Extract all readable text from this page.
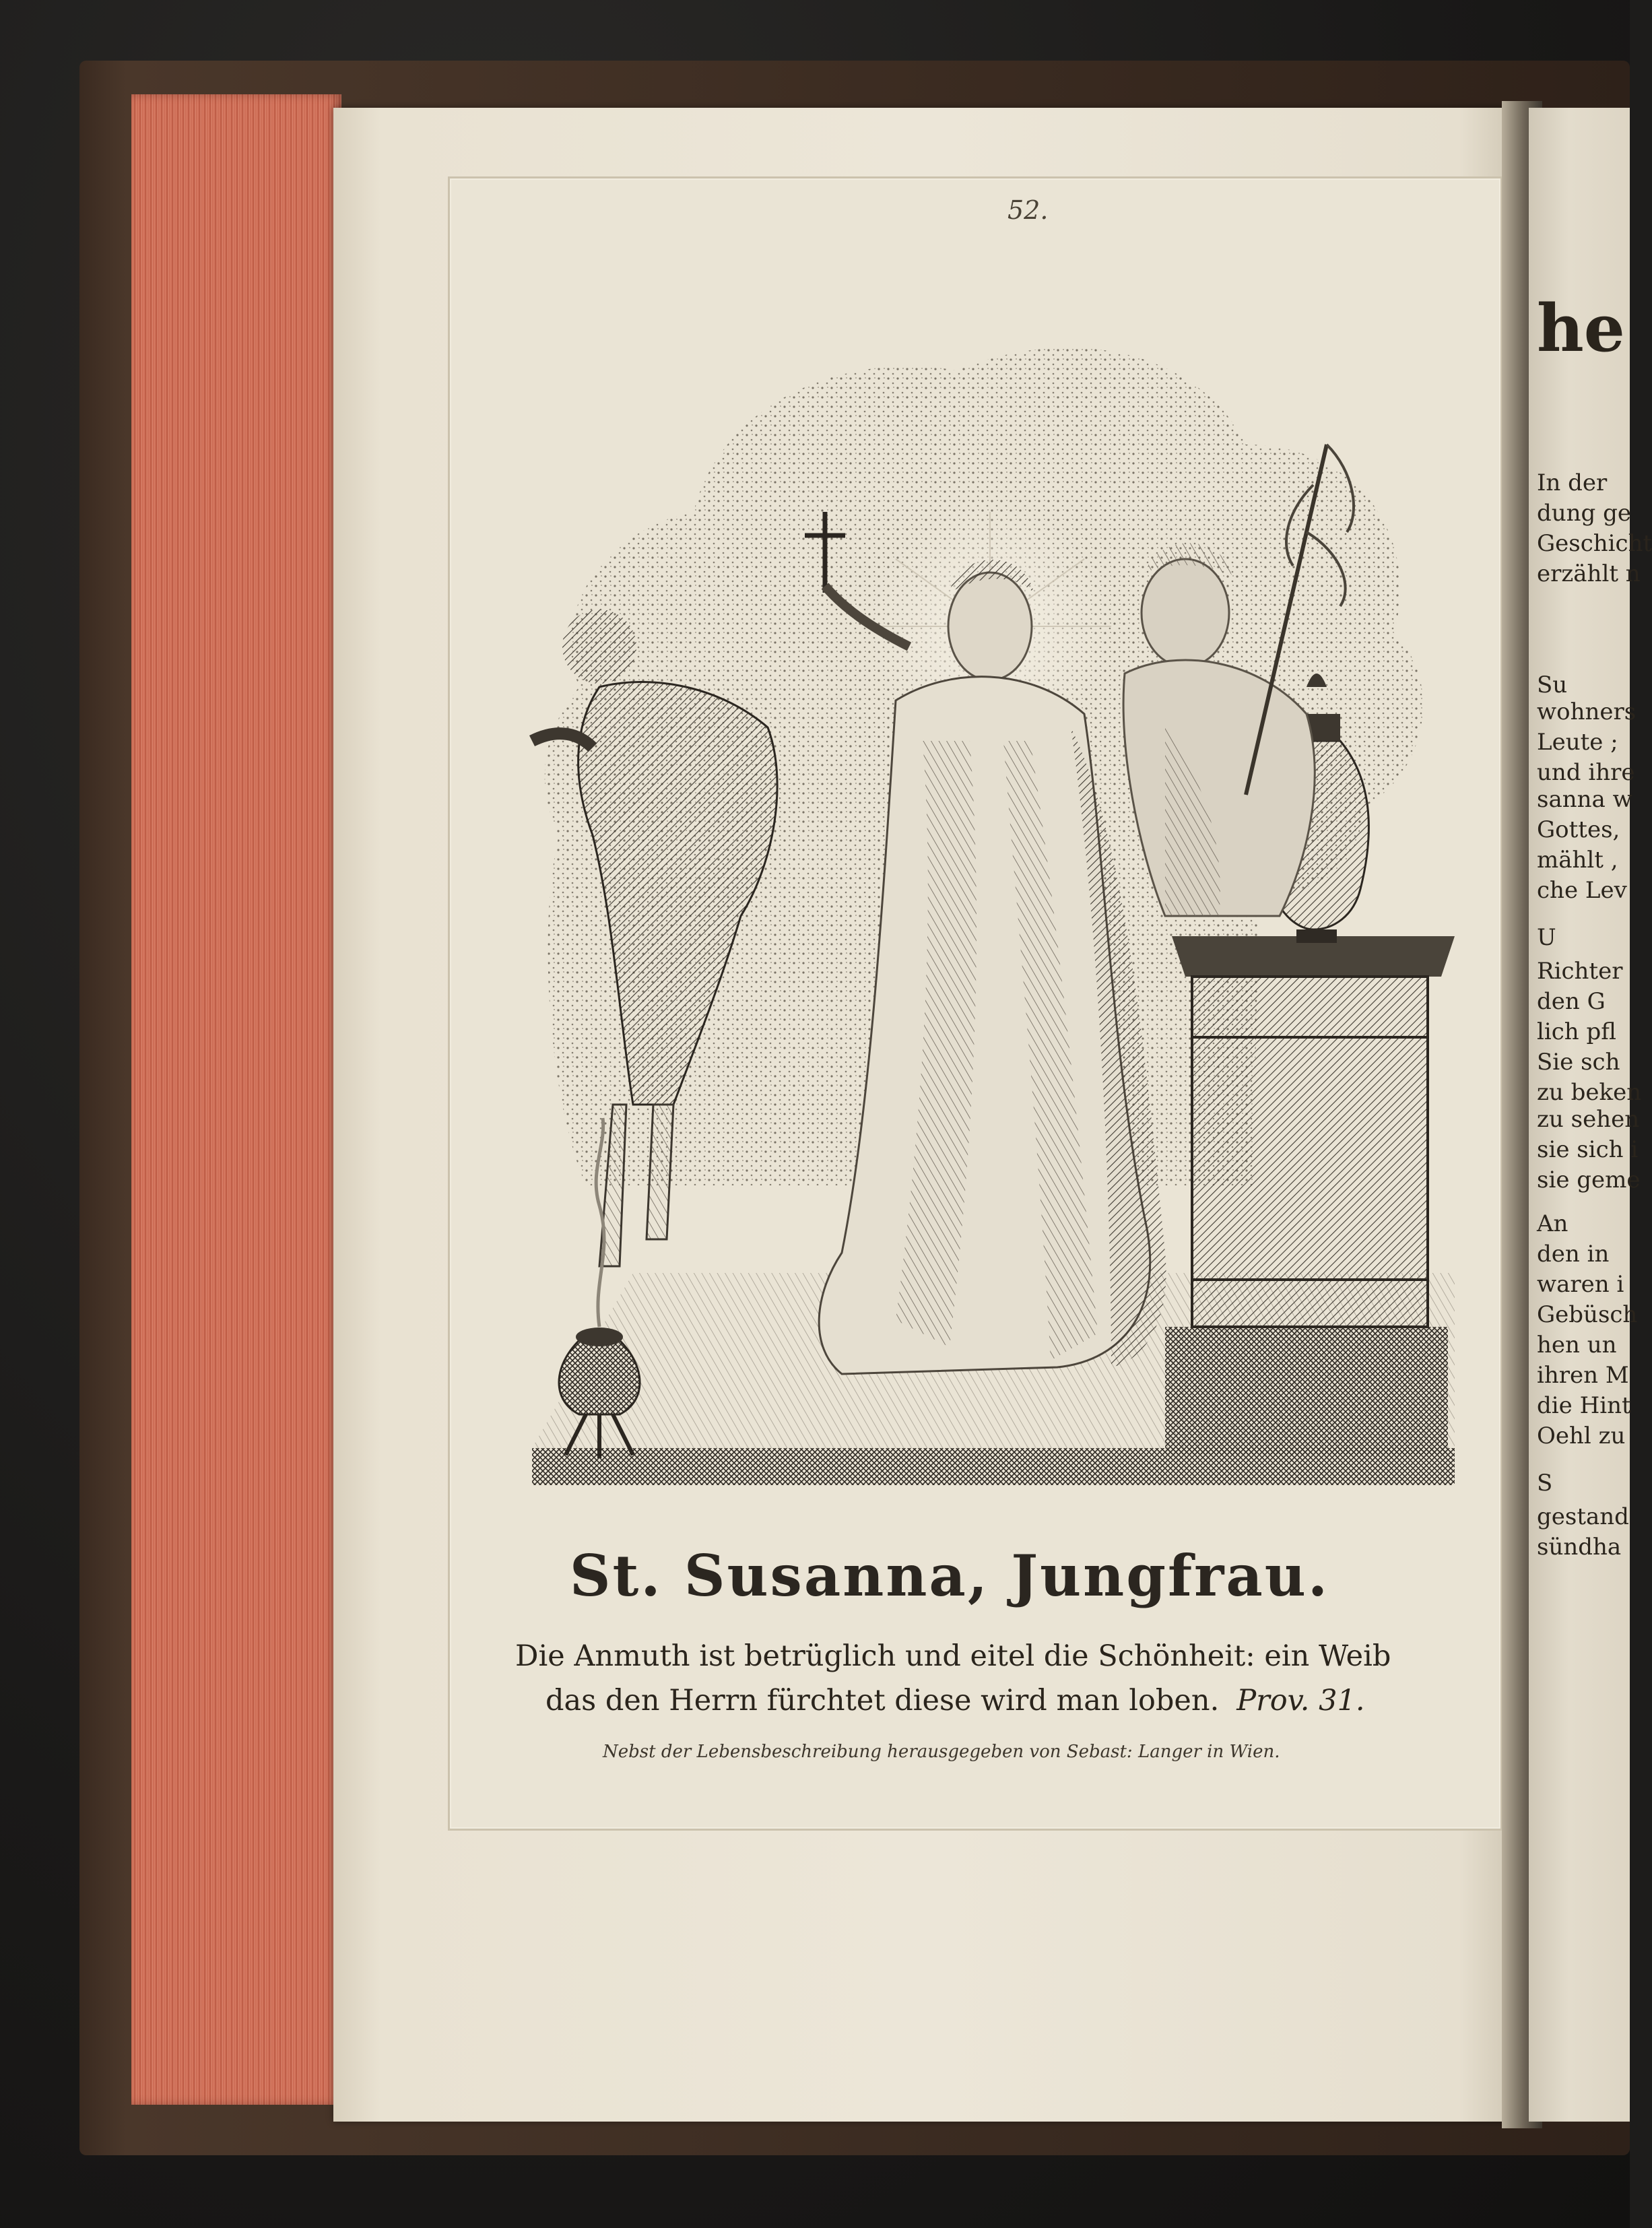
52.
St. Susanna, Jungfrau.
Die Anmuth ist betrüglich und eitel die Schönheit: ein Weib
das den Herrn fürchtet diese wird man loben. Prov. 31.
Nebst der Lebensbeschreibung herausgegeben von Sebast: Langer in Wien.
he
In der
dung ge
Geschicht
erzählt n
Su
wohners
Leute ;
und ihre
sanna w
Gottes,
mählt ,
che Lev
U
Richter
den G
lich pfl
Sie sch
zu beken
zu sehen
sie sich i
sie geme
An
den in
waren i
Gebüsch
hen un
ihren M
die Hint
Oehl zu
S
gestand
sündha
